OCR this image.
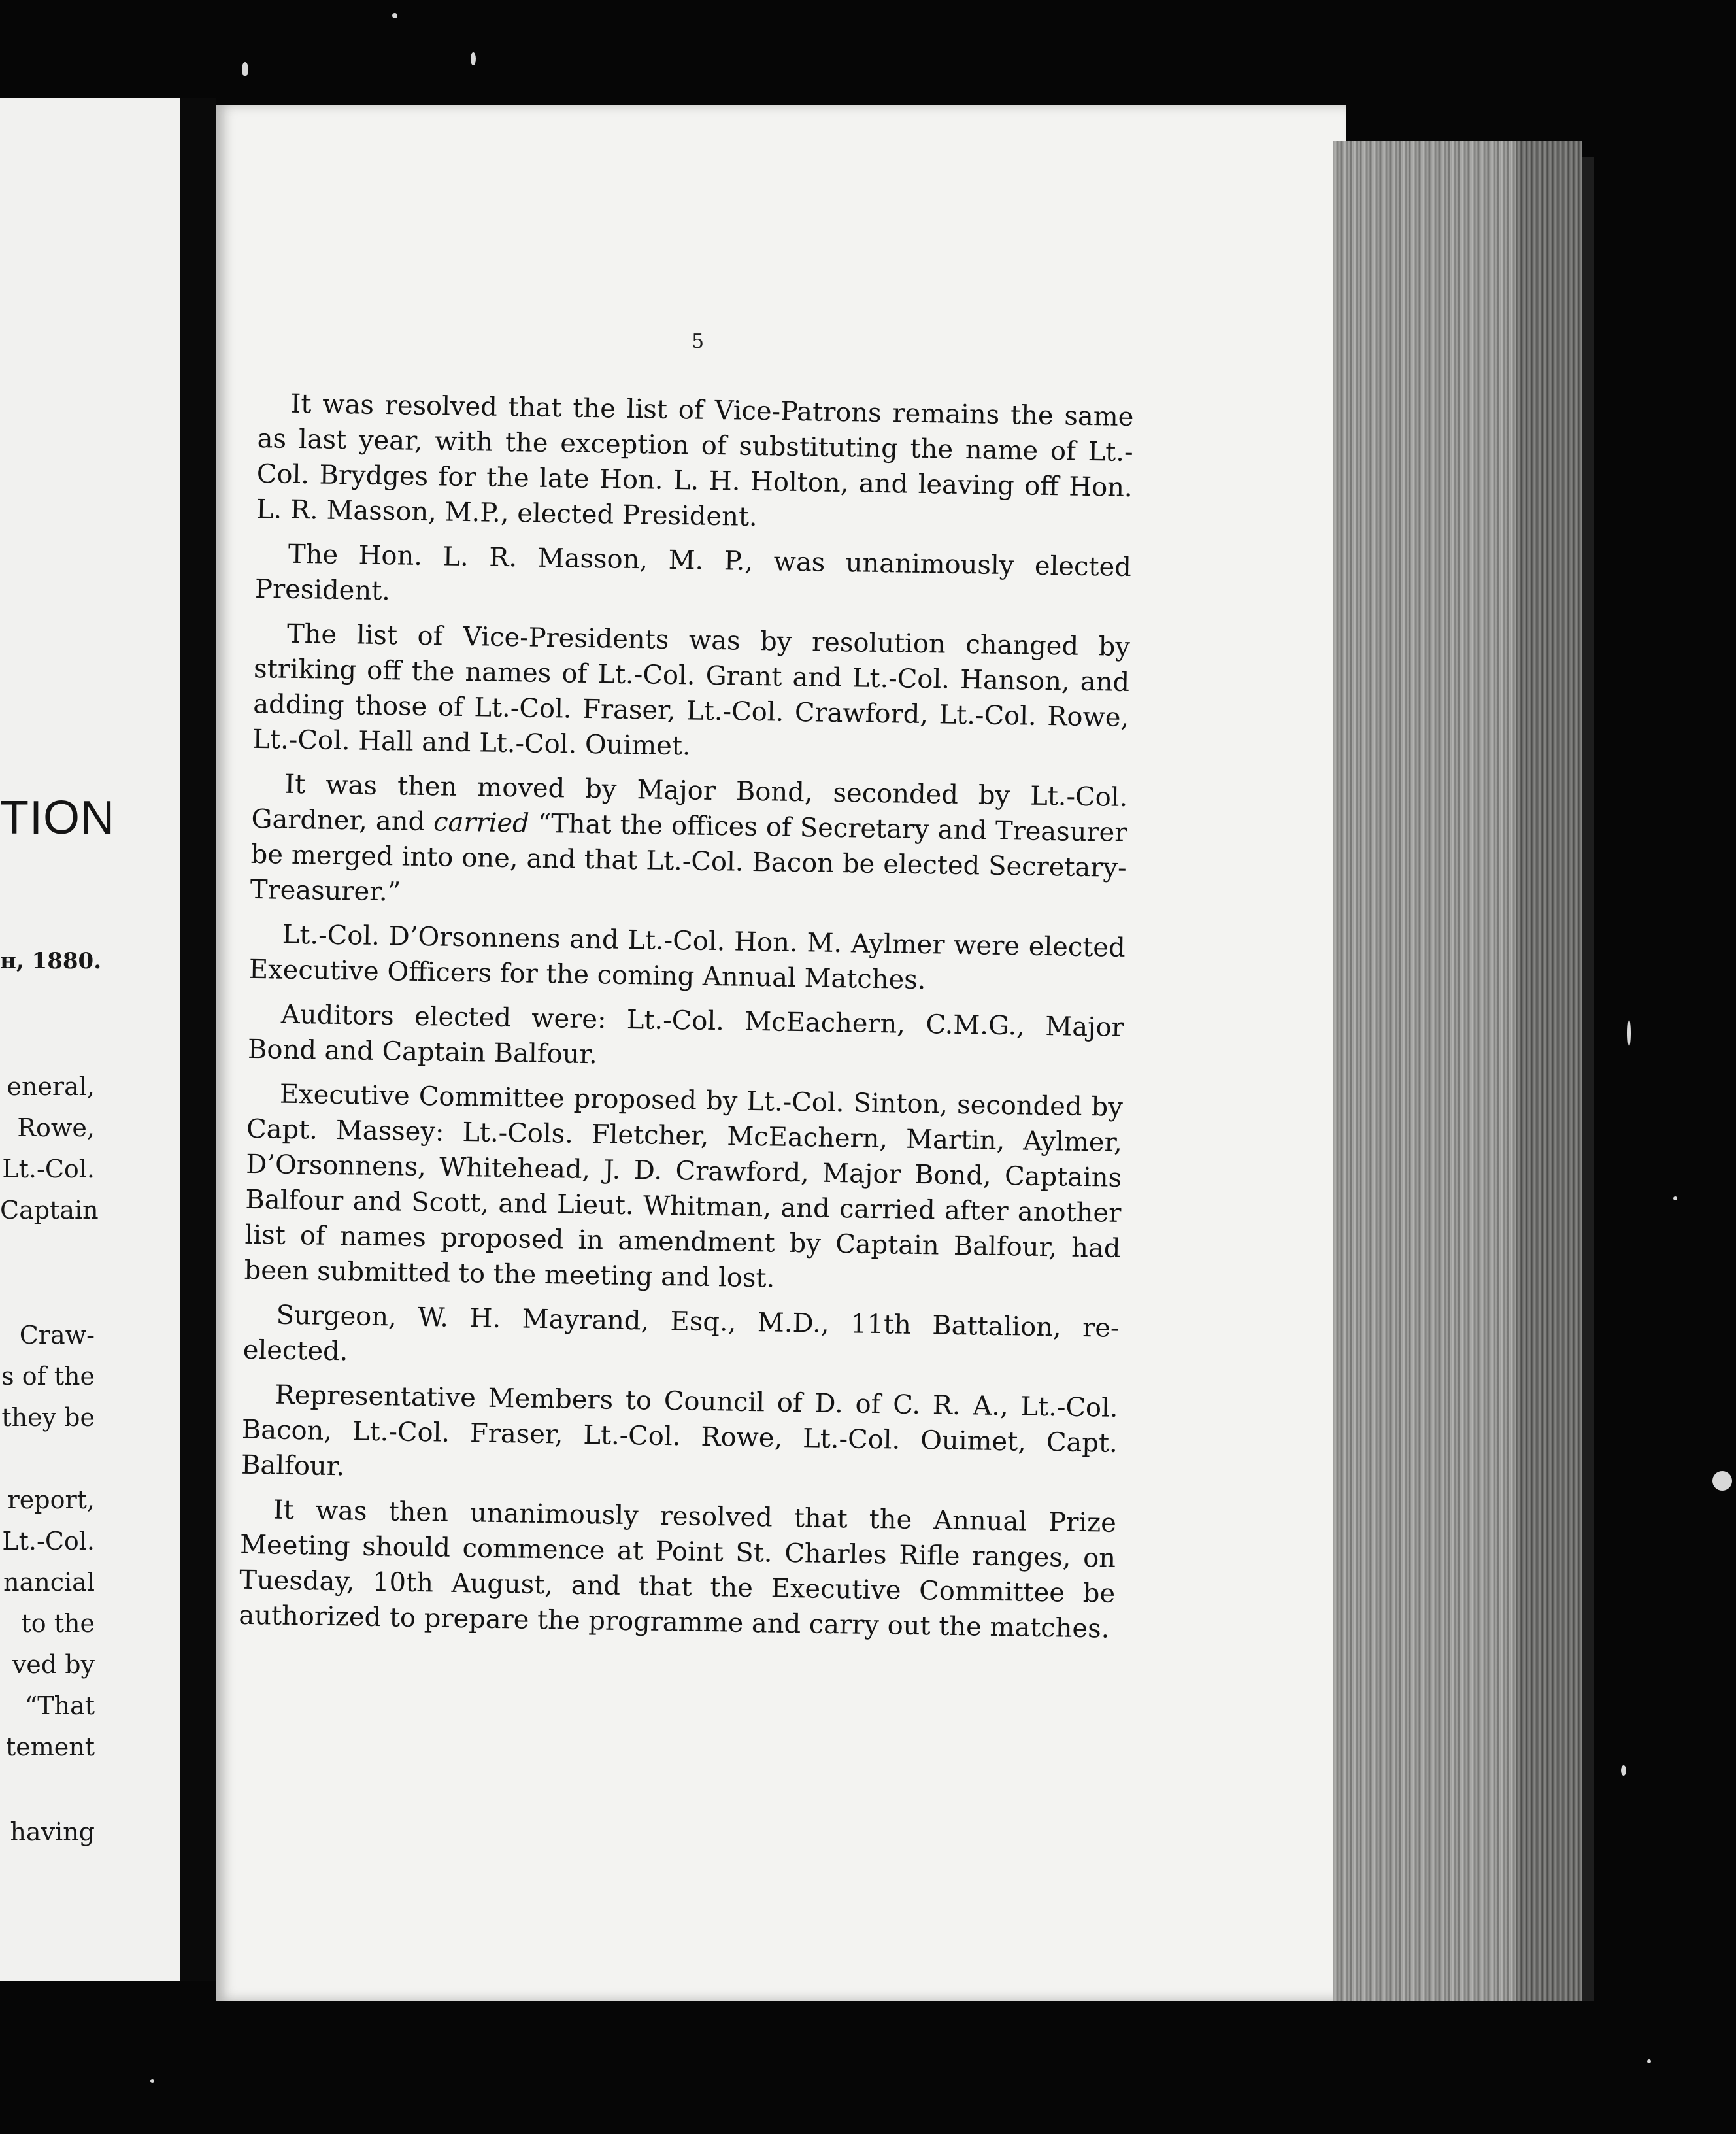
TION
н, 1880.
eneral,
Rowe,
Lt.-Col.
Captain
Craw-
s of the
they be
report,
Lt.-Col.
nancial
to the
ved by
“That
tement
having
5

It was resolved that the list of Vice-Patrons remains the same as last year, with the exception of substituting the name of Lt.-Col. Brydges for the late Hon. L. H. Holton, and leaving off Hon. L. R. Masson, M.P., elected President.

The Hon. L. R. Masson, M. P., was unanimously elected President.

The list of Vice-Presidents was by resolution changed by striking off the names of Lt.-Col. Grant and Lt.-Col. Hanson, and adding those of Lt.-Col. Fraser, Lt.-Col. Crawford, Lt.-Col. Rowe, Lt.-Col. Hall and Lt.-Col. Ouimet.

It was then moved by Major Bond, seconded by Lt.-Col. Gardner, and carried “That the offices of Secretary and Treasurer be merged into one, and that Lt.-Col. Bacon be elected Secretary-Treasurer.”

Lt.-Col. D’Orsonnens and Lt.-Col. Hon. M. Aylmer were elected Executive Officers for the coming Annual Matches.

Auditors elected were: Lt.-Col. McEachern, C.M.G., Major Bond and Captain Balfour.

Executive Committee proposed by Lt.-Col. Sinton, seconded by Capt. Massey: Lt.-Cols. Fletcher, McEachern, Martin, Aylmer, D’Orsonnens, Whitehead, J. D. Crawford, Major Bond, Captains Balfour and Scott, and Lieut. Whitman, and carried after another list of names proposed in amendment by Captain Balfour, had been submitted to the meeting and lost.

Surgeon, W. H. Mayrand, Esq., M.D., 11th Battalion, re-elected.

Representative Members to Council of D. of C. R. A., Lt.-Col. Bacon, Lt.-Col. Fraser, Lt.-Col. Rowe, Lt.-Col. Ouimet, Capt. Balfour.

It was then unanimously resolved that the Annual Prize Meeting should commence at Point St. Charles Rifle ranges, on Tuesday, 10th August, and that the Executive Committee be authorized to prepare the programme and carry out the matches.
